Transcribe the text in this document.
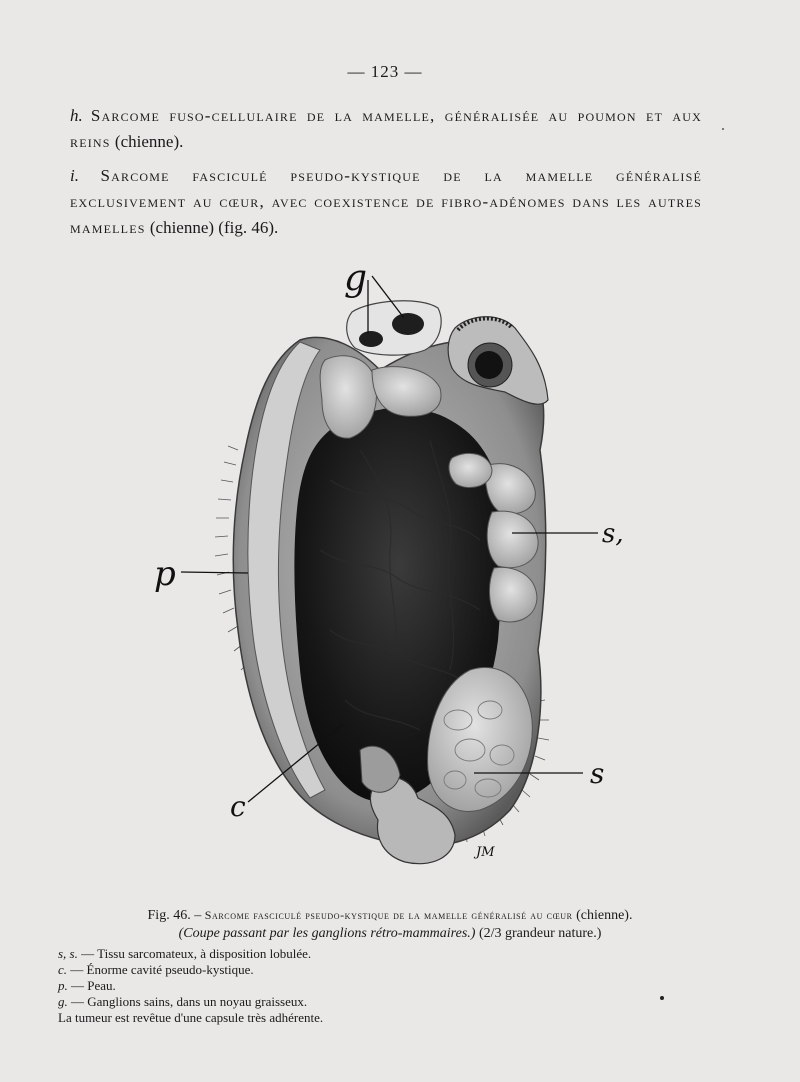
— 123 —
h. Sarcome fuso-cellulaire de la mamelle, généralisée au poumon et aux reins (chienne).
i. Sarcome fasciculé pseudo-kystique de la mamelle généralisé exclusivement au cœur, avec coexistence de fibro-adénomes dans les autres mamelles (chienne) (fig. 46).
g
s,
p
s
c
JM
Fig. 46. – Sarcome fasciculé pseudo-kystique de la mamelle généralisé au cœur (chienne).
(Coupe passant par les ganglions rétro-mammaires.) (2/3 grandeur nature.)
s, s. — Tissu sarcomateux, à disposition lobulée.
c. — Énorme cavité pseudo-kystique.
p. — Peau.
g. — Ganglions sains, dans un noyau graisseux.
La tumeur est revêtue d'une capsule très adhérente.
